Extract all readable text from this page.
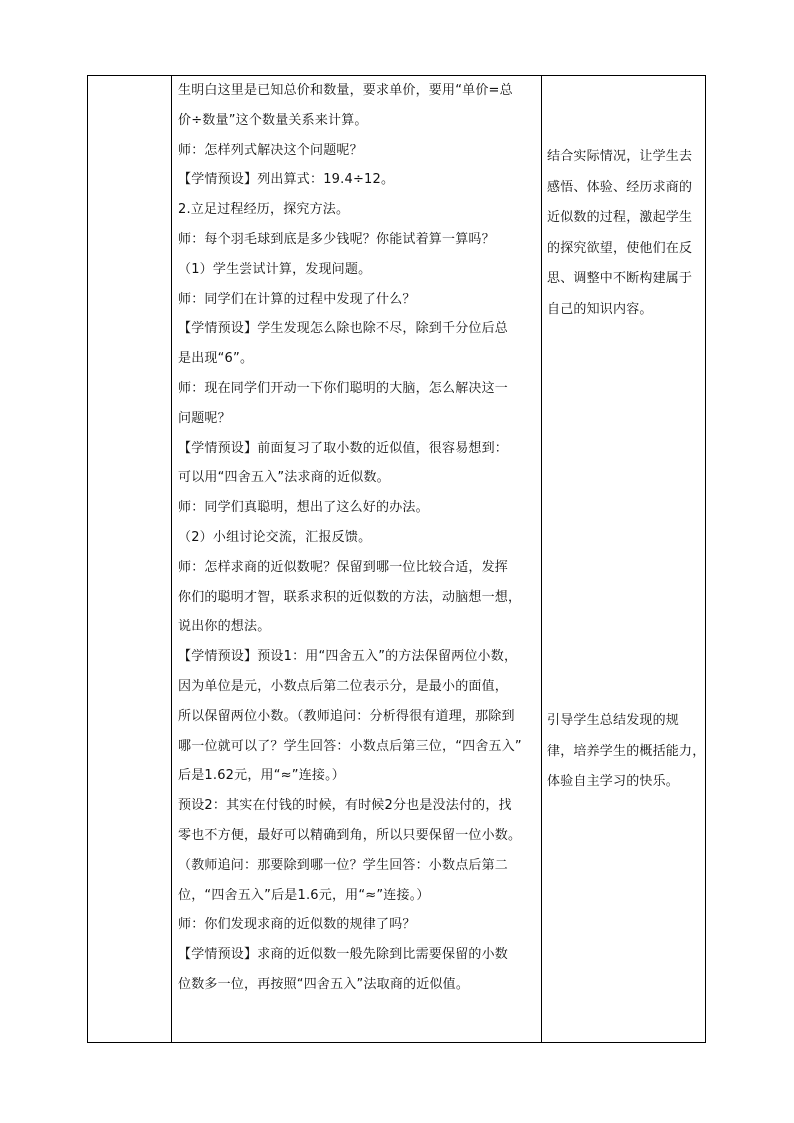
生明白这里是已知总价和数量，要求单价，要用“单价=总

价÷数量”这个数量关系来计算。

师：怎样列式解决这个问题呢？

【学情预设】列出算式：19.4÷12。

2.立足过程经历，探究方法。

师：每个羽毛球到底是多少钱呢？你能试着算一算吗？

（1）学生尝试计算，发现问题。

师：同学们在计算的过程中发现了什么？

【学情预设】学生发现怎么除也除不尽，除到千分位后总

是出现“6”。

师：现在同学们开动一下你们聪明的大脑，怎么解决这一

问题呢？

【学情预设】前面复习了取小数的近似值，很容易想到：

可以用“四舍五入”法求商的近似数。

师：同学们真聪明，想出了这么好的办法。

（2）小组讨论交流，汇报反馈。

师：怎样求商的近似数呢？保留到哪一位比较合适，发挥

你们的聪明才智，联系求积的近似数的方法，动脑想一想，

说出你的想法。

【学情预设】预设1：用“四舍五入”的方法保留两位小数，

因为单位是元，小数点后第二位表示分，是最小的面值，

所以保留两位小数。（教师追问：分析得很有道理，那除到

哪一位就可以了？学生回答：小数点后第三位，“四舍五入”

后是1.62元，用“≈”连接。）

预设2：其实在付钱的时候，有时候2分也是没法付的，找

零也不方便，最好可以精确到角，所以只要保留一位小数。

（教师追问：那要除到哪一位？学生回答：小数点后第二

位，“四舍五入”后是1.6元，用“≈”连接。）

师：你们发现求商的近似数的规律了吗？

【学情预设】求商的近似数一般先除到比需要保留的小数

位数多一位，再按照“四舍五入”法取商的近似值。

结合实际情况，让学生去

感悟、体验、经历求商的

近似数的过程，激起学生

的探究欲望，使他们在反

思、调整中不断构建属于

自己的知识内容。

引导学生总结发现的规

律，培养学生的概括能力，

体验自主学习的快乐。
